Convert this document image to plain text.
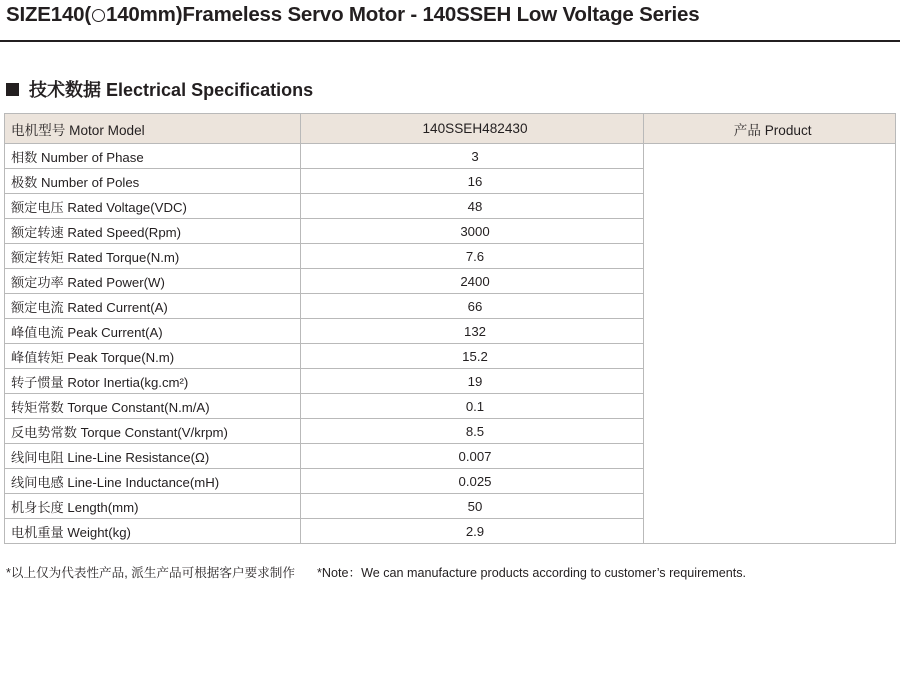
SIZE140( 140mm)Frameless Servo Motor - 140SSEH Low Voltage Series
技术数据 Electrical Specifications
电机型号 Motor Model	140SSEH482430	产品 Product
相数 Number of Phase	3	

极数 Number of Poles	16	
额定电压 Rated Voltage(VDC)	48	
额定转速 Rated Speed(Rpm)	3000	
额定转矩 Rated Torque(N.m)	7.6	
额定功率 Rated Power(W)	2400	
额定电流 Rated Current(A)	66	
峰值电流 Peak Current(A)	132	
峰值转矩 Peak Torque(N.m)	15.2	
转子惯量 Rotor Inertia(kg.cm²)	19	
转矩常数 Torque Constant(N.m/A)	0.1	
反电势常数 Torque Constant(V/krpm)	8.5	
线间电阻 Line-Line Resistance(Ω)	0.007	
线间电感 Line-Line Inductance(mH)	0.025	
机身长度 Length(mm)	50	
电机重量 Weight(kg)	2.9	
*以上仅为代表性产品, 派生产品可根据客户要求制作 *Note：We can manufacture products according to customer’s requirements.
